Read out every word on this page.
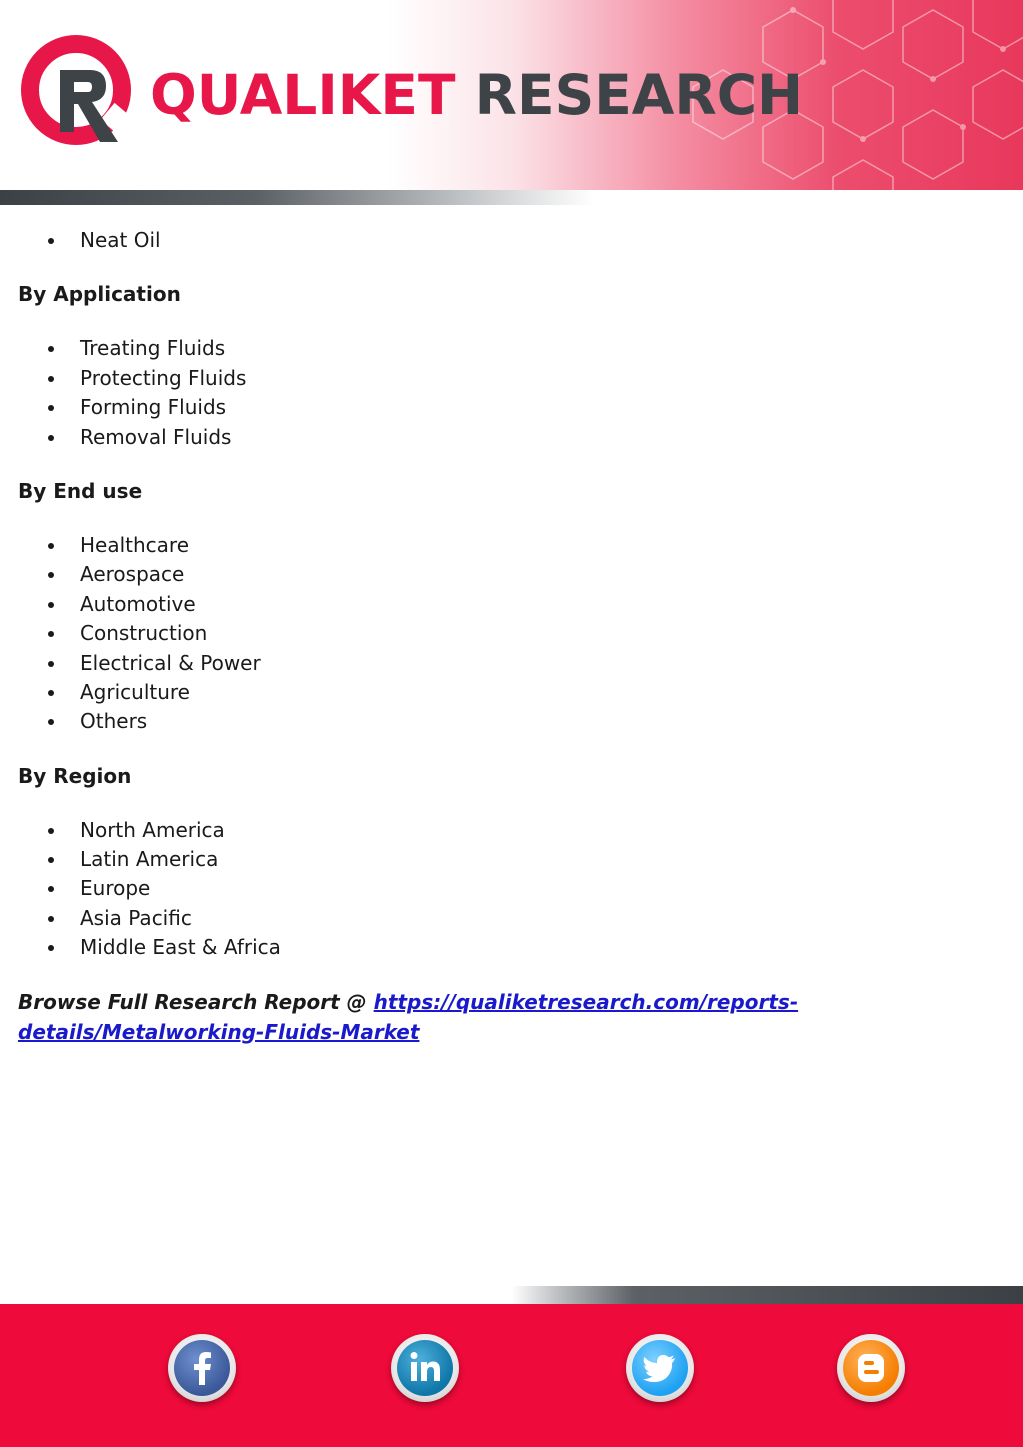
QUALIKET RESEARCH
Neat Oil
By Application
Treating Fluids
Protecting Fluids
Forming Fluids
Removal Fluids
By End use
Healthcare
Aerospace
Automotive
Construction
Electrical & Power
Agriculture
Others
By Region
North America
Latin America
Europe
Asia Pacific
Middle East & Africa
Browse Full Research Report @ https://qualiketresearch.com/reports-details/Metalworking-Fluids-Market
